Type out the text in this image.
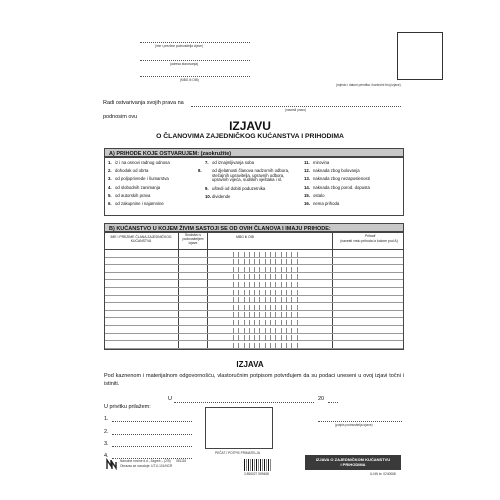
(ime i prezime podnositelja izjave)
(adresa stanovanja)
(MBG ili OIB)
(mjesto i datum primitka i kontrolni broj izjave)
Radi ostvarivanja svojih prava na
(navesti pravo)
podnosim ovu
IZJAVU
O ČLANOVIMA ZAJEDNIČKOG KUĆANSTVA I PRIHODIMA
A) PRIHODE KOJE OSTVARUJEM: (zaokružite)
1. iz i na osnovi radnog odnosa
2. dohodak od obrta
3. od poljoprivrede i šumarstva
4. od slobodnih zanimanja
5. od autorskih prava
6. od zakupnine i najamnine
7. od iznajmljivanja soba
8. od djelatnosti članova nadzornih odbora, stečajnih upravitelja, upravnih odbora, upravnih vijeća, sudskih vještaka i sl.
9. uštedi od dobiti poduzetnika
10.dividende
11. mirovina
12. naknada zbog bolovanja
13. naknada zbog nezaposlenosti
14. naknada zbog porod. dopusta
15. ostalo
16. nema prihoda
B) KUĆANSTVO U KOJEM ŽIVIM SASTOJI SE OD OVIH ČLANOVA I IMAJU PRIHODE:
IME I PREZIME ČLANA ZAJEDNIČKOG KUĆANSTVA
Srodstvo s podnositeljem izjave
MBG ili OIB	Prihodi
(navesti vrstu prihoda iz kolone pod A)
IZJAVA
Pod kaznenom i materijalnom odgovornošću, vlastoručnim potpisom potvrđujem da su podaci uneseni u ovoj izjavi točni i istiniti.
U	20
U privitku prilažem:
1.
2.
3.
4.	PEČAT I POTPIS PRIMATELJA
(potpis podnositelja izjave)
Narodne novine d.d., Zagreb – (2/5)
Obrazac se naručuje: UT-II-101/NCR
051116
3 856027 559458
IZJAVA O ZAJEDNIČKOM KUĆANSTVU
I PRIHODIMA
U-NN br. 0240068
